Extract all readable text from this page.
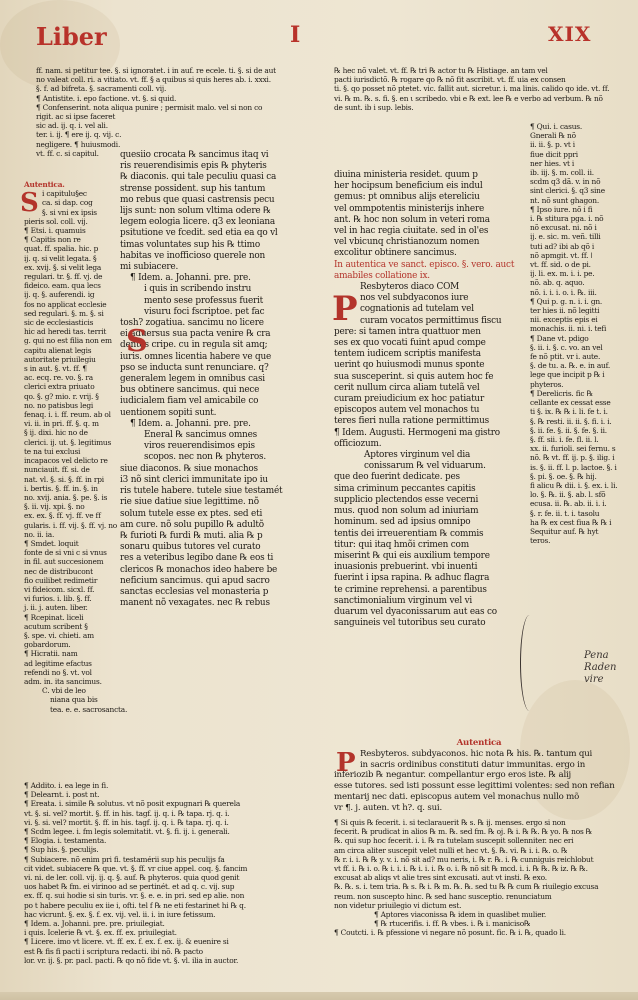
Liber	I	XIX
ff. nam. si petitur tee. §. si ignoratet. i in auf. re ecele. ti. §. si de aut
no valeat coll. ri. a vitiato. vt. ff. § a quibus si quis heres ab. i. xxxi.
§. f. ad bifreta. §. sacramenti coll. vij.
¶ Antistite. i. epo factione. vt. §. si quid.
¶ Confenserint. nota aliqua punire ; permisit malo. vel si non co
rigit. ac si ipse faceret
sic ad. ij. q. i. vel ali.
ter. i. ij. ¶ ere ij. q. vij. c.
negligere. ¶ huiusmodi.
vt. ff. c. si capitul.
Autentica.
i capitulu§ec
ca. si dap. cog
§. si vni ex ipsis
pieris sol. coll. vij.
¶ Etsi. i. quamuis
¶ Capitis non re
quat. ff. spalia. hic. p
ij. q. si velit legata. §
ex. xvij. §. si velit lega
regulari. tr. §. ff. vj. de
fideico. eam. qua lecs
ij. q. §. auferendi. ig
fos no applicat ecclesie
sed regulari. §. m. §. si
sic de ecclesiasticis
hic ad heredi tas. territ
g. qui no est filia non em
capitu alienat legis
autoritate priuilegiu
s in aut. §. vt. ff. ¶
ac. ecq. re. vo. §. ra
clerici extra priuato
qo. §. g? mio. r. vrij. §
no. no patisbus legi
fenaq. i. i. ff. reum. ab ol
vi. ii. in pri. ff. §. q. m
§ ij. dixi. hic no de
clerici. ij. ut. §. legitimus
te na tui exclusi
incapacos vel delicto re
nunciauit. ff. si. de
nat. vl. §. si. §. ff. in rpi
i. bertis. §. ff. in. §. in
no. xvij. ania. §. pe. §. is
§. ii. vij. xpi. §. no
ex. ex. §. ff. vj. ff. ve ff
gularis. i. ff. vij. §. ff. vj. no
no. ii. ia.
¶ Smdet. loquit
fonte de si vni c si vnus
in fil. aut succesionem
nec de distribucont
fio cuilibet redimetir
vi fideicom. sicxl. ff.
vi furios. i. lib. §. ff.
j. ii. j. auten. liber.
¶ Rcepinat. liceli
acutum scribent §
§. spe. vi. chieti. am
gobardorum.
¶ Hicratii. nam
ad legitime efactus
refendi no §. vt. vol
adm. in. ita sancimus.
C. vbi de leo
niana qua bis
tea. e. e. sacrosancta.
S
quesiio crocata ℞ sancimus itaq vi
ris reuerendisimis epis ℞ phyteris
℞ diaconis. qui tale peculiu quasi ca
strense possident. sup his tantum
mo rebus que quasi castrensis pecu
lijs sunt: non solum vltima odere ℞
legem eologia licere. q3 ex leoniana
psitutione ve fcedit. sed etia ea qo vl
timas voluntates sup his ℞ ttimo
habitas ve inofficioso querele non
mi subiacere.
¶ Idem. a. Johanni. pre. pre.
i quis in scribendo instru
mento sese professus fuerit
visuru foci fscriptoe. pet fac
tosh? zogatiua. sancimu no licere
ei aduersus sua pacta venire ℞ cra
dentes cripe. cu in regula sit amq;
iuris. omnes licentia habere ve que
pso se inducta sunt renunciare. q?
generalem legem in omnibus casi
bus obtinere sancimus. qui nece
iudicialem fiam vel amicabile co
uentionem sopiti sunt.
¶ Idem. a. Johanni. pre. pre.
Eneral ℞ sancimus omnes
viros reuerendisimos epis
scopos. nec non ℞ phyteros.
siue diaconos. ℞ siue monachos
i3 nõ sint clerici immunitate ipo iu
ris tutele habere. tutele siue testamét
rie siue datiue siue legittime. nõ
solum tutele esse ex ptes. sed eti
am cure. nõ solu pupillo ℞ adultõ
℞ furioti ℞ furdi ℞ muti. alia ℞ p
sonaru quibus tutores vel curato
res a veteribus legibo dane ℞ eos ti
clericos ℞ monachos ideo habere be
neficium sancimus. qui apud sacro
sanctas ecclesias vel monasteria p
manent nõ vexagates. nec ℞ rebus
S
¶ Addito. i. ea lege in fi.
¶ Delearnt. i. post nt.
¶ Ereata. i. simile ℞ solutus. vt nõ posit expugnari ℞ querela
vt. §. si. vel? mortit. §. ff. in his. tagf. ij. q. i. ℞ tapa. rj. q. i.
vi. §. si. vel? mortit. §. ff. in his. tagf. ij. q. i. ℞ tapa. rj. q. i.
¶ Scdm legee. i. fm legis solemitatit. vt. §. fi. ij. i. generali.
¶ Elogia. i. testamenta.
¶ Sup his. §. peculijs.
¶ Subiacere. nõ enim pri fi. testamérii sup his peculijs fa
cit videt. subiacere ℞ que. vt. §. ff. vr ciue appel. coq. §. fancim
vi. ni. de ler. coll. vij. ij. q. §. auf. ℞ phyteros. quia quod genit
uos habet ℞ fm. ei virinoo ad se pertinét. et ad q. c. vij. sup
ex. ff. q. sui hodie si sin turis. vr. §. e. e. in pri. sed ep alie. non
po t habere peculiu ex iie i, ofti. tel f ℞ ne eti festarinet hi ℞ q.
hac vicrunt. §. ex. §. f. ex. vij. vel. ii. i. in iure fetissum.
¶ Idem. a. Johanni. pre. pre. priuilegiat.
i quis. Icelerie ℞ vt. §. ex. ff. ex. priuilegiat.
¶ Licere. imo vt licere. vt. ff. ex. f. ex. f. ex. ij. & euenire si
est ℞ fis fi pacti i scriptura redacti. ibi nõ. ℞ pacto
lor. vr. ij. §. pr. pacl. pacti. ℞ qo nõ fide vt. §. vl. ilia in auctor.
℞ hec nõ valet. vt. ff. ℞ tri ℞ actor tu ℞ Histiage. an tam vel
pacti iurisdictõ. ℞ rogare qo ℞ nõ fit ascribit. vt. ff. uia ex consen
ti. §. qo posset nõ ptetet. vic. fallit aut. sicretur. i. ma linis. calido qo ide. vt. ff.
vi. ℞ m. ℞. s. fi. §. en ι scribedo. vbi e ℞ ext. lee ℞ e verbo ad verbum. ℞ nõ
de sunt. ib i sup. lebis.
diuina ministeria residet. quum p
her hocipsum beneficium eis indul
gemus: pt omnibus alijs etereliciu
vel ommpotentis ministerijs inhere
ant. ℞ hoc non solum in veteri roma
vel in hac regia ciuitate. sed in ol'es
vel vbicunq christianozum nomen
excolitur obtinere sancimus.
In autentica ve sanct. episco. §. vero. auct amabiles collatione ix.
Resbyteros diaco COM
nos vel subdyaconos iure
cognationis ad tutelam vel
curam vocatos permittimus fiscu
pere: si tamen intra quattuor men
ses ex quo vocati fuint apud compe
tentem iudicem scriptis manifesta
uerint qo huiusmodi munus sponte
sua susceperint. si quis autem hoc fe
cerit nullum circa aliam tutelã vel
curam preiudicium ex hoc patiatur
episcopos autem vel monachos tu
teres fieri nulla ratione permittimus
¶ Idem. Augusti. Hermogeni ma gistro officiozum.
Aptores virginum vel dia
conissarum ℞ vel viduarum.
que deo fuerint dedicate. pes
sima criminum peccantes capitis
supplicio plectendos esse vecerni
mus. quod non solum ad iniuriam
hominum. sed ad ipsius omnipo
tentis dei irreuerentiam ℞ commis
titur: qui itaq hmõi crimen com
miserint ℞ qui eis auxilium tempore
inuasionis prebuerint. vbi inuenti
fuerint i ipsa rapina. ℞ adhuc flagra
te crimine reprehensi. a parentibus
sanctimonialium virginum vel vi
duarum vel dyaconissarum aut eas co
sanguineis vel tutoribus seu curato
P
¶ Qui. i. casus.
Gnerali ℞ nõ
ii. ii. §. p. vt i
fiue dicit ppri
ner hies. vt i
ib. iij. §. m. coll. ii.
scdm q3 dã. v. in nõ
sint clerici. §. q3 sine
nt. nõ sunt ghagon.
¶ Ipso iure. nõ i fi
i. ℞ stitura pga. i. nõ
nõ excusat. ni. nõ i
ij. e. sic. m. veñ. tilli
tuti ad? ibi ab qõ i
nõ apmgit. vt. ff. ǀ
vt. ff. sid. o de pi.
ij. li. ex. m. i. i. pe.
nõ. ab. q. aquo.
nõ. i. i. i. o. i. ℞. iii.
¶ Qui p. g. n. i. i. gn.
ter hies ii. nõ legitti
nii. exceptis epis ei
monachis. ii. ni. i. tefi
¶ Dane vt. pdigo
§. ii. i. §. c. vo. an vel
fe nõ ptit. vr i. aute.
§. de tu. a. ℞. e. in auf.
lege que incipit p ℞ i
phyteros.
¶ Derelicris. fic ℞
cellante ex cessat esse
ti §. ix. ℞ ℞ i. li. fe t. i.
§. ℞ resti. ii. ii. §. fi. i. i.
§. ii. fe. §. ii. §. fe. §. ii.
§. ff. sii. i. fe. fl. ii. l.
xx. ii. furioli. sei fernu. s
nõ. ℞ vt. ff. ij. p. §. ilig. i
is. §. ii. ff. l. p. lactoe. §. i
§. pi. §. oe. §. ℞ hij.
fi alicu ℞ dii. i. §. ex. i. li.
lo. §. ℞. ii. §. ab. l. sfõ
ecusa. ii. ℞. ab. ii. i. i.
§. r. fe. ii. t. i. tasolu
ha ℞ ex cest fiua ℞ ℞ i
Sequitur auf. ℞ hyt
teros.
Pena
Raden
vire
Autentica
Resbyteros. subdyaconos. hic nota ℞ his. ℞. tantum qui
in sacris ordinibus constituti datur immunitas. ergo in
inferiozib ℞ negantur. compellantur ergo eros iste. ℞ alij
esse tutores. sed isti possunt esse legittimi volentes: sed non refian
mentarij nec dati. episcopus autem vel monachus nullo mõ
vr ¶. j. auten. vt h?. q. sui.
P
¶ Si quis ℞ fecerit. i. si teclarauerit ℞ s. ℞ ij. menses. ergo si non
fecerit. ℞ prudicat in alios ℞ m. ℞. sed fm. ℞ oj. ℞ i. ℞ ℞. ℞ yo. ℞ nos ℞
℞. qui sup hoc fecerit. i. i. ℞ ra tutelam suscepit sollenniter. nec eri
am circa aliter suscepit velet nulli et hec vt. §. ℞. vi. ℞ i. i. ℞. o. ℞
℞ r. i. i. ℞ ℞ y. v. i. nõ sit ad? mu neris, i. ℞ r. ℞. i. ℞ cunniguis reichlobut
vt ff. i. ℞ i. o. ℞ i. i. i. ℞ i. i. i. ℞ o. i. ℞ nõ sit ℞ mcd. i. i. ℞ ℞. ℞ iz. ℞ ℞.
excusat ab aliqs vt alie tres sint excusati. aut vt insti. ℞ exo.
℞. ℞. s. i. tem tria. ℞ s. ℞ i. ℞ m. ℞. ℞. sed tu ℞ ℞ cum ℞ riuilegio excusa
reum. non suscepto hinc. ℞ sed hanc susceptio. renunciatum
non videtur priuilegio vi dictum est.
¶ Aptores viaconissa ℞ idem in quaslibet mulier.
¶ ℞ rtucerifis. i. ff. ℞ vbes. i. ℞ i. maniciso℞
¶ Coutcti. i. ℞ pfessione vi negare nõ posunt. fic. ℞ i. ℞, quado li.
